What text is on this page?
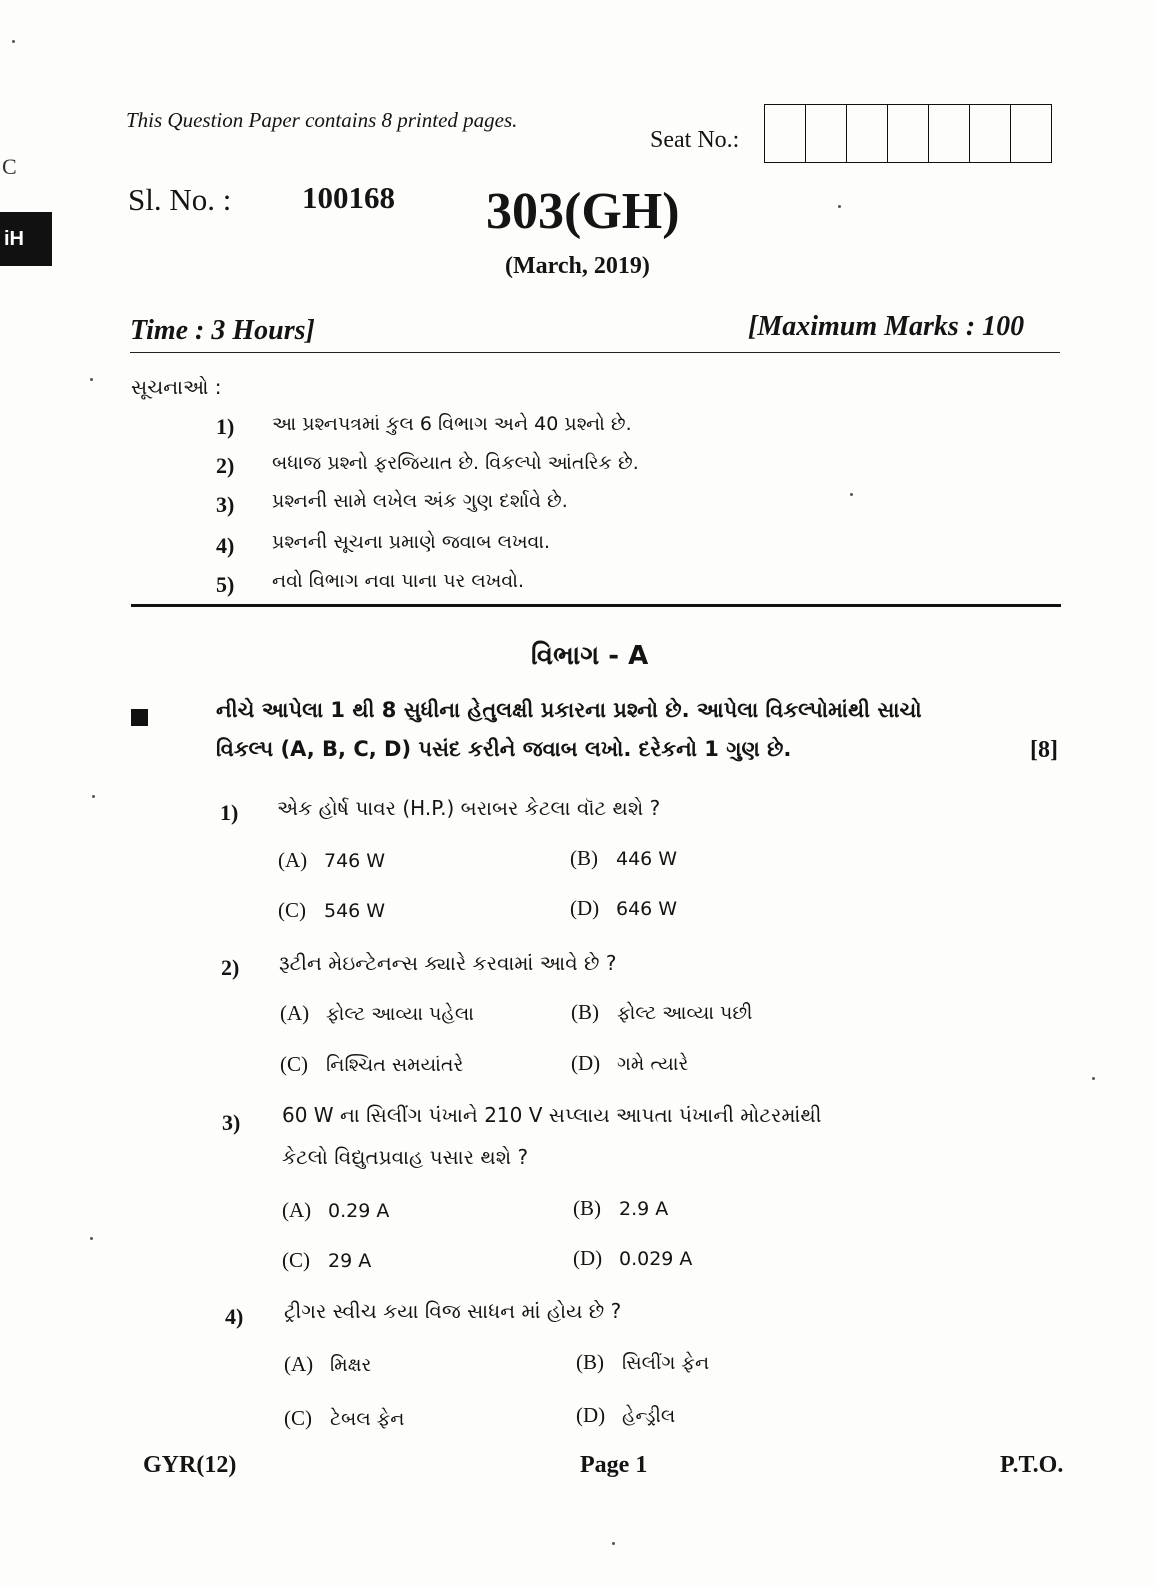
iH
C
This Question Paper contains 8 printed pages.
Seat No.:
Sl. No. : 100168 303(GH)
(March, 2019)
Time : 3 Hours]	[Maximum Marks : 100
સૂચનાઓ :
1) આ પ્રશ્નપત્રમાં કુલ 6 વિભાગ અને 40 પ્રશ્નો છે.
2) બધાજ પ્રશ્નો ફરજિયાત છે. વિકલ્પો આંતરિક છે.
3) પ્રશ્નની સામે લખેલ અંક ગુણ દર્શાવે છે.
4) પ્રશ્નની સૂચના પ્રમાણે જવાબ લખવા.
5) નવો વિભાગ નવા પાના પર લખવો.
વિભાગ - A
નીચે આપેલા 1 થી 8 સુધીના હેતુલક્ષી પ્રકારના પ્રશ્નો છે. આપેલા વિકલ્પોમાંથી સાચો
વિકલ્પ (A, B, C, D) પસંદ કરીને જવાબ લખો. દરેકનો 1 ગુણ છે.	[8]
1) એક હોર્ષ પાવર (H.P.) બરાબર કેટલા વૉટ થશે ?
(A) 746 W	(B) 446 W
(C) 546 W	(D) 646 W
2) રૂટીન મેઇન્ટેનન્સ ક્યારે કરવામાં આવે છે ?
(A) ફોલ્ટ આવ્યા પહેલા	(B) ફોલ્ટ આવ્યા પછી
(C) નિશ્ચિત સમયાંતરે	(D) ગમે ત્યારે
3) 60 W ના સિલીંગ પંખાને 210 V સપ્લાય આપતા પંખાની મોટરમાંથી
કેટલો વિદ્યુતપ્રવાહ પસાર થશે ?
(A) 0.29 A	(B) 2.9 A
(C) 29 A	(D) 0.029 A
4) ટ્રીગર સ્વીચ કયા વિજ સાધન માં હોય છે ?
(A) મિક્ષર	(B) સિલીંગ ફેન
(C) ટેબલ ફેન	(D) હેન્ડ્રીલ
GYR(12)	Page 1	P.T.O.
